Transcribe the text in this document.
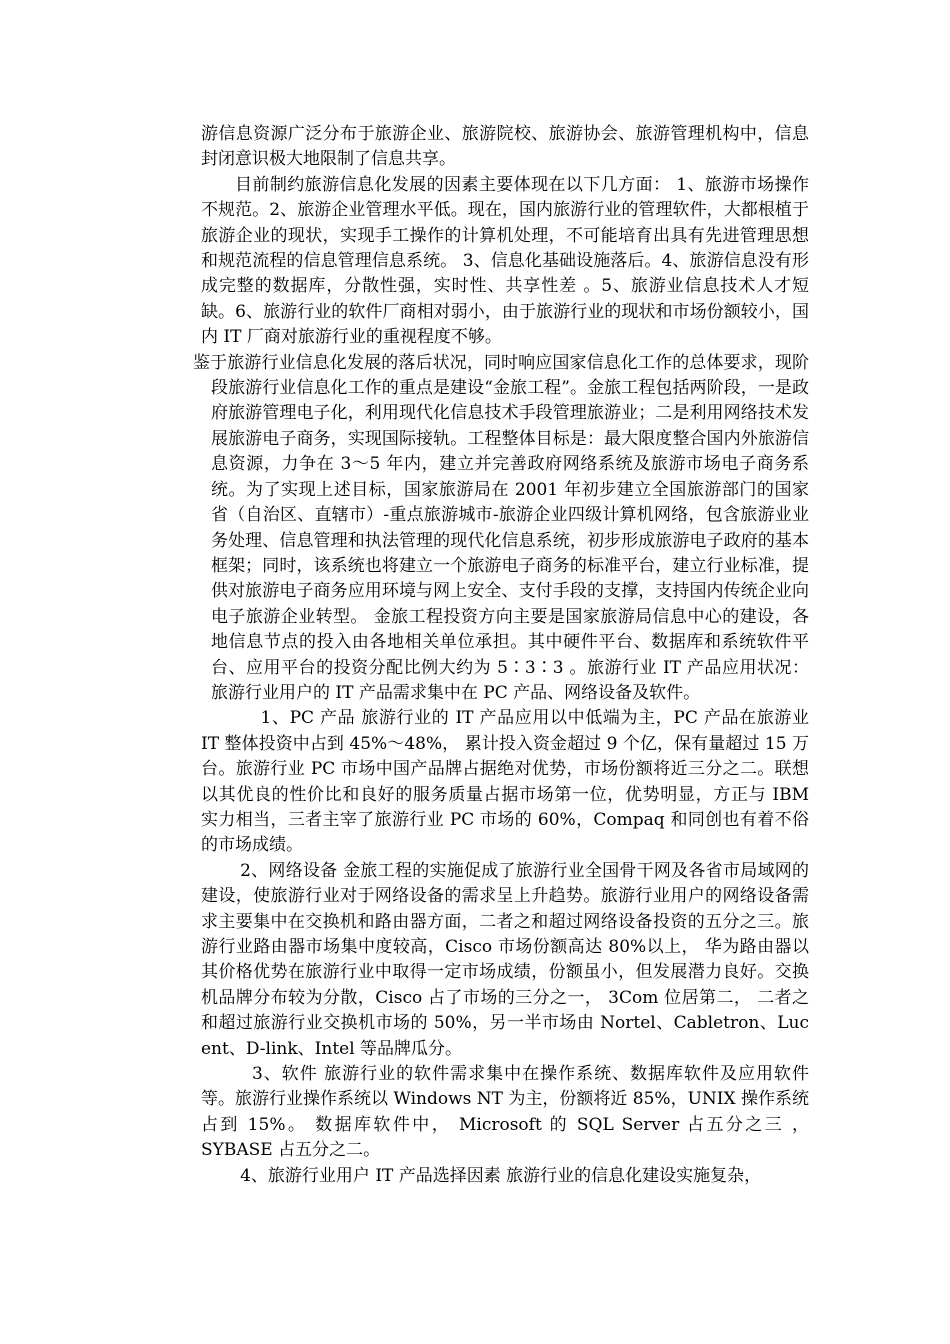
游信息资源广泛分布于旅游企业、旅游院校、旅游协会、旅游管理机构中，信息封闭意识极大地限制了信息共享。

目前制约旅游信息化发展的因素主要体现在以下几方面： 1、旅游市场操作不规范。2、旅游企业管理水平低。现在，国内旅游行业的管理软件，大都根植于旅游企业的现状，实现手工操作的计算机处理，不可能培育出具有先进管理思想和规范流程的信息管理信息系统。 3、信息化基础设施落后。4、旅游信息没有形成完整的数据库，分散性强，实时性、共享性差 。5、旅游业信息技术人才短缺。6、旅游行业的软件厂商相对弱小，由于旅游行业的现状和市场份额较小，国内 IT 厂商对旅游行业的重视程度不够。

鉴于旅游行业信息化发展的落后状况，同时响应国家信息化工作的总体要求，现阶段旅游行业信息化工作的重点是建设“金旅工程”。金旅工程包括两阶段，一是政府旅游管理电子化，利用现代化信息技术手段管理旅游业；二是利用网络技术发展旅游电子商务，实现国际接轨。工程整体目标是：最大限度整合国内外旅游信息资源，力争在 3～5 年内，建立并完善政府网络系统及旅游市场电子商务系统。为了实现上述目标，国家旅游局在 2001 年初步建立全国旅游部门的国家省（自治区、直辖市）-重点旅游城市-旅游企业四级计算机网络，包含旅游业业务处理、信息管理和执法管理的现代化信息系统，初步形成旅游电子政府的基本框架；同时，该系统也将建立一个旅游电子商务的标准平台，建立行业标准，提供对旅游电子商务应用环境与网上安全、支付手段的支撑，支持国内传统企业向电子旅游企业转型。 金旅工程投资方向主要是国家旅游局信息中心的建设，各地信息节点的投入由各地相关单位承担。其中硬件平台、数据库和系统软件平台、应用平台的投资分配比例大约为 5∶3∶3 。旅游行业 IT 产品应用状况：旅游行业用户的 IT 产品需求集中在 PC 产品、网络设备及软件。

1、PC 产品 旅游行业的 IT 产品应用以中低端为主，PC 产品在旅游业 IT 整体投资中占到 45%～48%， 累计投入资金超过 9 个亿，保有量超过 15 万台。旅游行业 PC 市场中国产品牌占据绝对优势，市场份额将近三分之二。联想以其优良的性价比和良好的服务质量占据市场第一位，优势明显，方正与 IBM 实力相当，三者主宰了旅游行业 PC 市场的 60%，Compaq 和同创也有着不俗的市场成绩。

2、网络设备 金旅工程的实施促成了旅游行业全国骨干网及各省市局域网的建设，使旅游行业对于网络设备的需求呈上升趋势。旅游行业用户的网络设备需求主要集中在交换机和路由器方面，二者之和超过网络设备投资的五分之三。旅游行业路由器市场集中度较高，Cisco 市场份额高达 80%以上， 华为路由器以其价格优势在旅游行业中取得一定市场成绩，份额虽小，但发展潜力良好。交换机品牌分布较为分散，Cisco 占了市场的三分之一， 3Com 位居第二， 二者之和超过旅游行业交换机市场的 50%，另一半市场由 Nortel、Cabletron、Luc ent、D-link、Intel 等品牌瓜分。

3、软件 旅游行业的软件需求集中在操作系统、数据库软件及应用软件等。旅游行业操作系统以 Windows NT 为主，份额将近 85%，UNIX 操作系统占到 15%。 数据库软件中， Microsoft 的 SQL Server 占五分之三 ，SYBASE 占五分之二。

4、旅游行业用户 IT 产品选择因素 旅游行业的信息化建设实施复杂，
